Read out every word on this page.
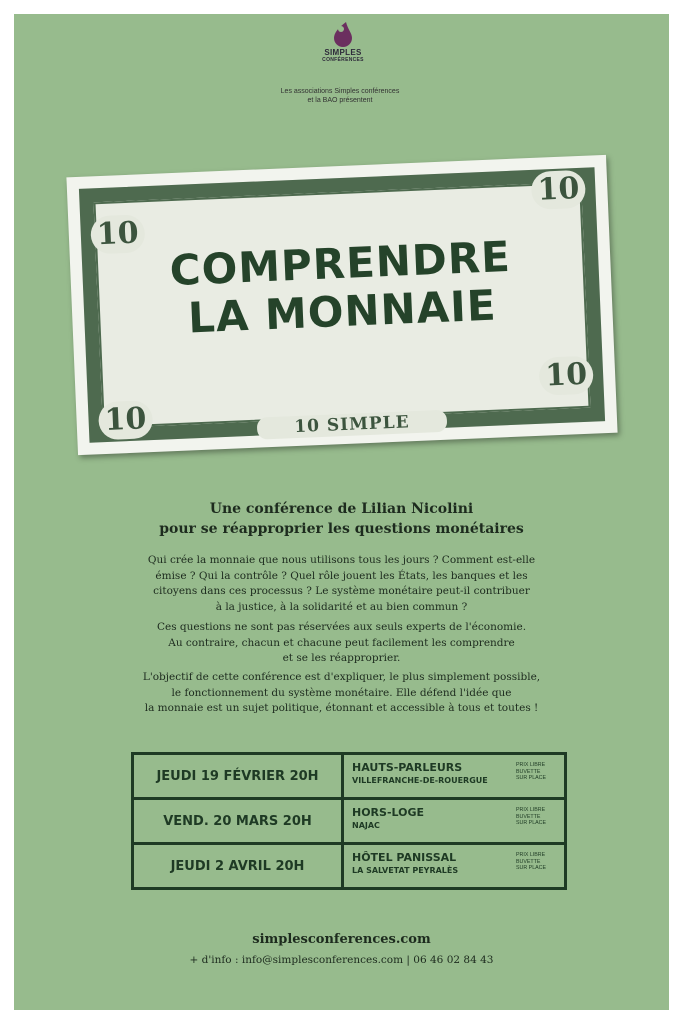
SIMPLES
CONFÉRENCES
Les associations Simples conférences
et la BAO présentent
10
10
10
10
COMPRENDRE
LA MONNAIE
10 SIMPLE
Une conférence de Lilian Nicolini
pour se réapproprier les questions monétaires
Qui crée la monnaie que nous utilisons tous les jours ? Comment est-elle
émise ? Qui la contrôle ? Quel rôle jouent les États, les banques et les
citoyens dans ces processus ? Le système monétaire peut-il contribuer
à la justice, à la solidarité et au bien commun ?
Ces questions ne sont pas réservées aux seuls experts de l'économie.
Au contraire, chacun et chacune peut facilement les comprendre
et se les réapproprier.
L'objectif de cette conférence est d'expliquer, le plus simplement possible,
le fonctionnement du système monétaire. Elle défend l'idée que
la monnaie est un sujet politique, étonnant et accessible à tous et toutes !
JEUDI 19 FÉVRIER 20H
HAUTS-PARLEURS
VILLEFRANCHE-DE-ROUERGUE
PRIX LIBRE
BUVETTE
SUR PLACE
VEND. 20 MARS 20H
HORS-LOGE
NAJAC
PRIX LIBRE
BUVETTE
SUR PLACE
JEUDI 2 AVRIL 20H
HÔTEL PANISSAL
LA SALVETAT PEYRALÈS
PRIX LIBRE
BUVETTE
SUR PLACE
simplesconferences.com
+ d'info : info@simplesconferences.com | 06 46 02 84 43
